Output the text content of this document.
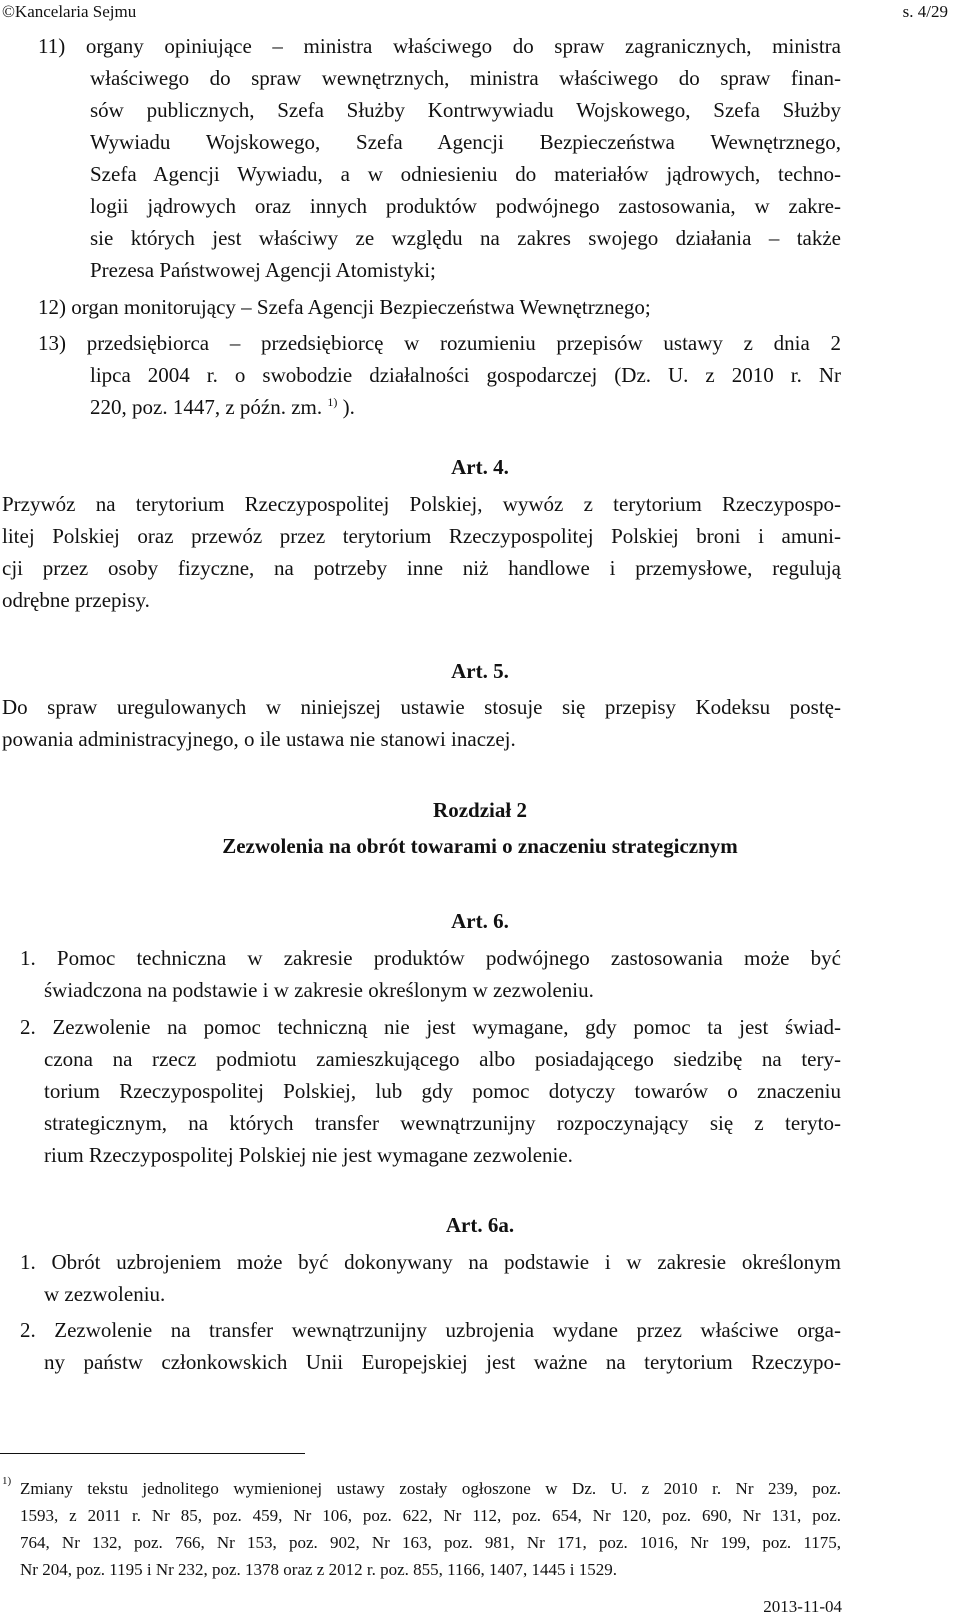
©Kancelaria Sejmu	s. 4/29
11) organy opiniujące – ministra właściwego do spraw zagranicznych, ministra
właściwego do spraw wewnętrznych, ministra właściwego do spraw finan-
sów publicznych, Szefa Służby Kontrwywiadu Wojskowego, Szefa Służby
Wywiadu Wojskowego, Szefa Agencji Bezpieczeństwa Wewnętrznego,
Szefa Agencji Wywiadu, a w odniesieniu do materiałów jądrowych, techno-
logii jądrowych oraz innych produktów podwójnego zastosowania, w zakre-
sie których jest właściwy ze względu na zakres swojego działania – także
Prezesa Państwowej Agencji Atomistyki;
12) organ monitorujący – Szefa Agencji Bezpieczeństwa Wewnętrznego;
13) przedsiębiorca – przedsiębiorcę w rozumieniu przepisów ustawy z dnia 2
lipca 2004 r. o swobodzie działalności gospodarczej (Dz. U. z 2010 r. Nr
220, poz. 1447, z późn. zm. $^{1)}$ ).
Art. 4.
Przywóz na terytorium Rzeczypospolitej Polskiej, wywóz z terytorium Rzeczypospo-
litej Polskiej oraz przewóz przez terytorium Rzeczypospolitej Polskiej broni i amuni-
cji przez osoby fizyczne, na potrzeby inne niż handlowe i przemysłowe, regulują
odrębne przepisy.
Art. 5.
Do spraw uregulowanych w niniejszej ustawie stosuje się przepisy Kodeksu postę-
powania administracyjnego, o ile ustawa nie stanowi inaczej.
Rozdział 2
Zezwolenia na obrót towarami o znaczeniu strategicznym
Art. 6.
1. Pomoc techniczna w zakresie produktów podwójnego zastosowania może być
świadczona na podstawie i w zakresie określonym w zezwoleniu.
2. Zezwolenie na pomoc techniczną nie jest wymagane, gdy pomoc ta jest świad-
czona na rzecz podmiotu zamieszkującego albo posiadającego siedzibę na tery-
torium Rzeczypospolitej Polskiej, lub gdy pomoc dotyczy towarów o znaczeniu
strategicznym, na których transfer wewnątrzunijny rozpoczynający się z teryto-
rium Rzeczypospolitej Polskiej nie jest wymagane zezwolenie.
Art. 6a.
1. Obrót uzbrojeniem może być dokonywany na podstawie i w zakresie określonym
w zezwoleniu.
2. Zezwolenie na transfer wewnątrzunijny uzbrojenia wydane przez właściwe orga-
ny państw członkowskich Unii Europejskiej jest ważne na terytorium Rzeczypo-
1) Zmiany tekstu jednolitego wymienionej ustawy zostały ogłoszone w Dz. U. z 2010 r. Nr 239, poz.
1593, z 2011 r. Nr 85, poz. 459, Nr 106, poz. 622, Nr 112, poz. 654, Nr 120, poz. 690, Nr 131, poz.
764, Nr 132, poz. 766, Nr 153, poz. 902, Nr 163, poz. 981, Nr 171, poz. 1016, Nr 199, poz. 1175,
Nr 204, poz. 1195 i Nr 232, poz. 1378 oraz z 2012 r. poz. 855, 1166, 1407, 1445 i 1529.
2013-11-04
